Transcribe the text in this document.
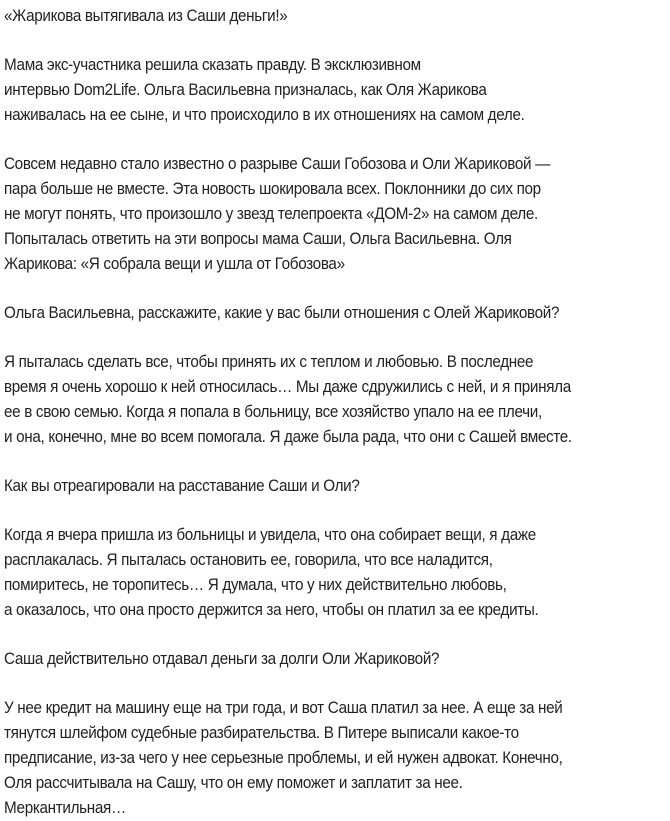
«Жарикова вытягивала из Саши деньги!»

Мама экс-участника решила сказать правду. В эксклюзивном
интервью Dom2Life. Ольга Васильевна призналась, как Оля Жарикова
наживалась на ее сыне, и что происходило в их отношениях на самом деле.

Совсем недавно стало известно о разрыве Саши Гобозова и Оли Жариковой —
пара больше не вместе. Эта новость шокировала всех. Поклонники до сих пор
не могут понять, что произошло у звезд телепроекта «ДОМ-2» на самом деле.
Попыталась ответить на эти вопросы мама Саши, Ольга Васильевна. Оля
Жарикова: «Я собрала вещи и ушла от Гобозова»

Ольга Васильевна, расскажите, какие у вас были отношения с Олей Жариковой?

Я пыталась сделать все, чтобы принять их с теплом и любовью. В последнее
время я очень хорошо к ней относилась… Мы даже сдружились с ней, и я приняла
ее в свою семью. Когда я попала в больницу, все хозяйство упало на ее плечи,
и она, конечно, мне во всем помогала. Я даже была рада, что они с Сашей вместе.

Как вы отреагировали на расставание Саши и Оли?

Когда я вчера пришла из больницы и увидела, что она собирает вещи, я даже
расплакалась. Я пыталась остановить ее, говорила, что все наладится,
помиритесь, не торопитесь… Я думала, что у них действительно любовь,
а оказалось, что она просто держится за него, чтобы он платил за ее кредиты.

Саша действительно отдавал деньги за долги Оли Жариковой?

У нее кредит на машину еще на три года, и вот Саша платил за нее. А еще за ней
тянутся шлейфом судебные разбирательства. В Питере выписали какое-то
предписание, из-за чего у нее серьезные проблемы, и ей нужен адвокат. Конечно,
Оля рассчитывала на Сашу, что он ему поможет и заплатит за нее.
Меркантильная…
